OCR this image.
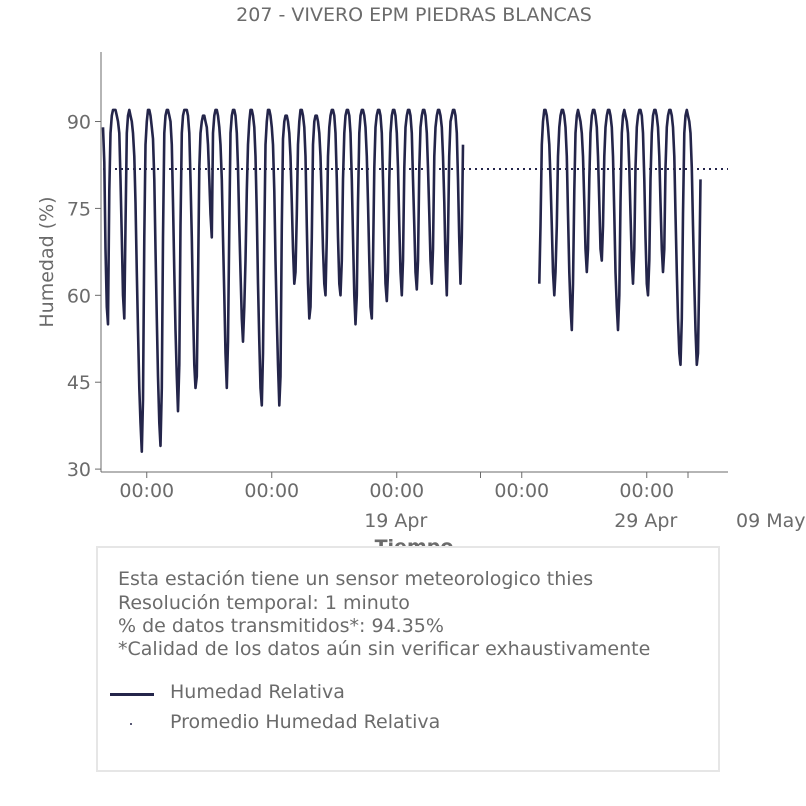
207 - VIVERO EPM PIEDRAS BLANCAS
30
45
60
75
90
00:00	00:00
19 Apr
00:00	00:00
29 Apr
00:00
09 May
Humedad (%)
Esta estación tiene un sensor meteorologico thies
Resolución temporal: 1 minuto
% de datos transmitidos*: 94.35%
*Calidad de los datos aún sin verificar exhaustivamente
Humedad Relativa
Promedio Humedad Relativa
